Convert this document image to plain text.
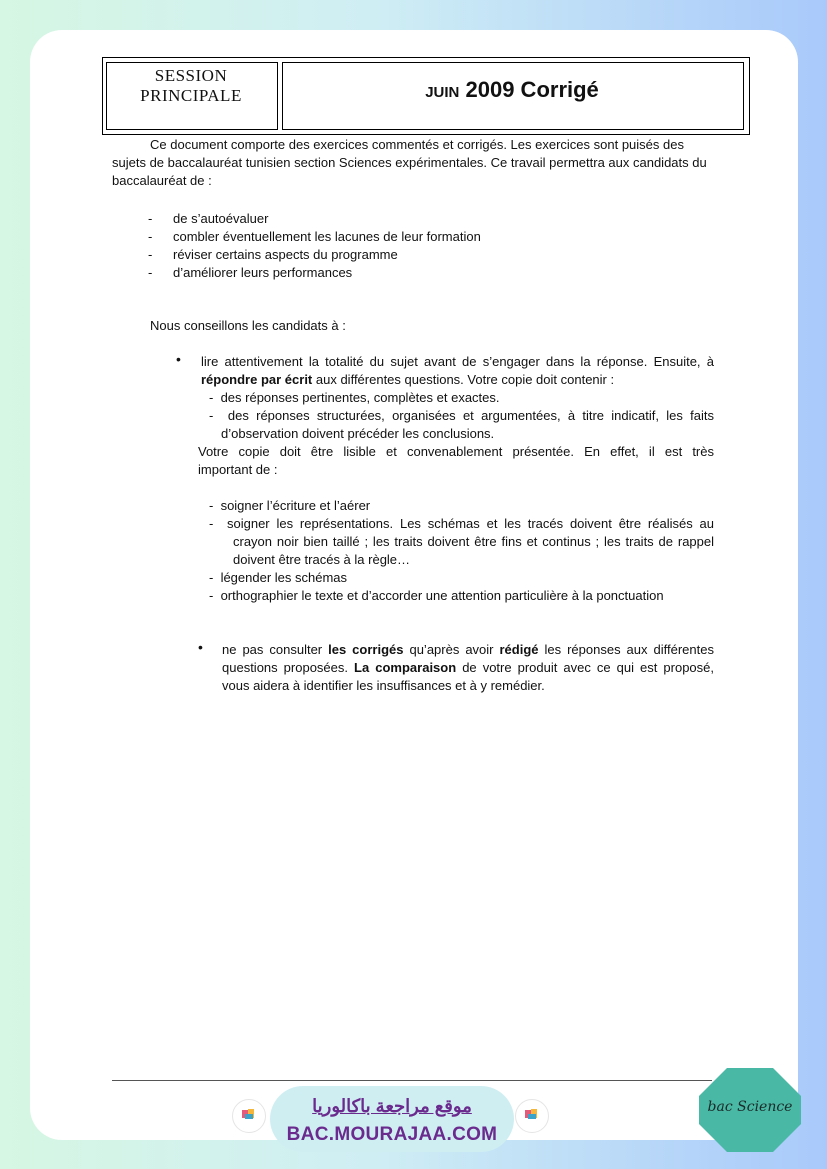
SESSION
PRINCIPALE	JUIN 2009 Corrigé
Ce document comporte des exercices commentés et corrigés. Les exercices sont puisés des sujets de baccalauréat tunisien section Sciences expérimentales. Ce travail permettra aux candidats du baccalauréat de :
- de s’autoévaluer
- combler éventuellement les lacunes de leur formation
- réviser certains aspects du programme
- d’améliorer leurs performances
Nous conseillons les candidats à :
• lire attentivement la totalité du sujet avant de s’engager dans la réponse. Ensuite, à
répondre par écrit aux différentes questions. Votre copie doit contenir :
-  des réponses pertinentes, complètes et exactes.
-  des réponses structurées, organisées et argumentées, à titre indicatif, les faits
d’observation doivent précéder les conclusions.
Votre copie doit être lisible et convenablement présentée. En effet, il est très
important de :
-  soigner l’écriture et l’aérer
-  soigner les représentations. Les schémas et les tracés doivent être réalisés au
crayon noir bien taillé ; les traits doivent être fins et continus ; les traits de rappel
doivent être tracés à la règle…
-  légender les schémas
-  orthographier le texte et d’accorder une attention particulière à la ponctuation
• ne pas consulter les corrigés qu’après avoir rédigé les réponses aux différentes
questions proposées. La comparaison de votre produit avec ce qui est proposé,
vous aidera à identifier les insuffisances et à y remédier.
موقع مراجعة باكالوريا
BAC.MOURAJAA.COM
bac Science
